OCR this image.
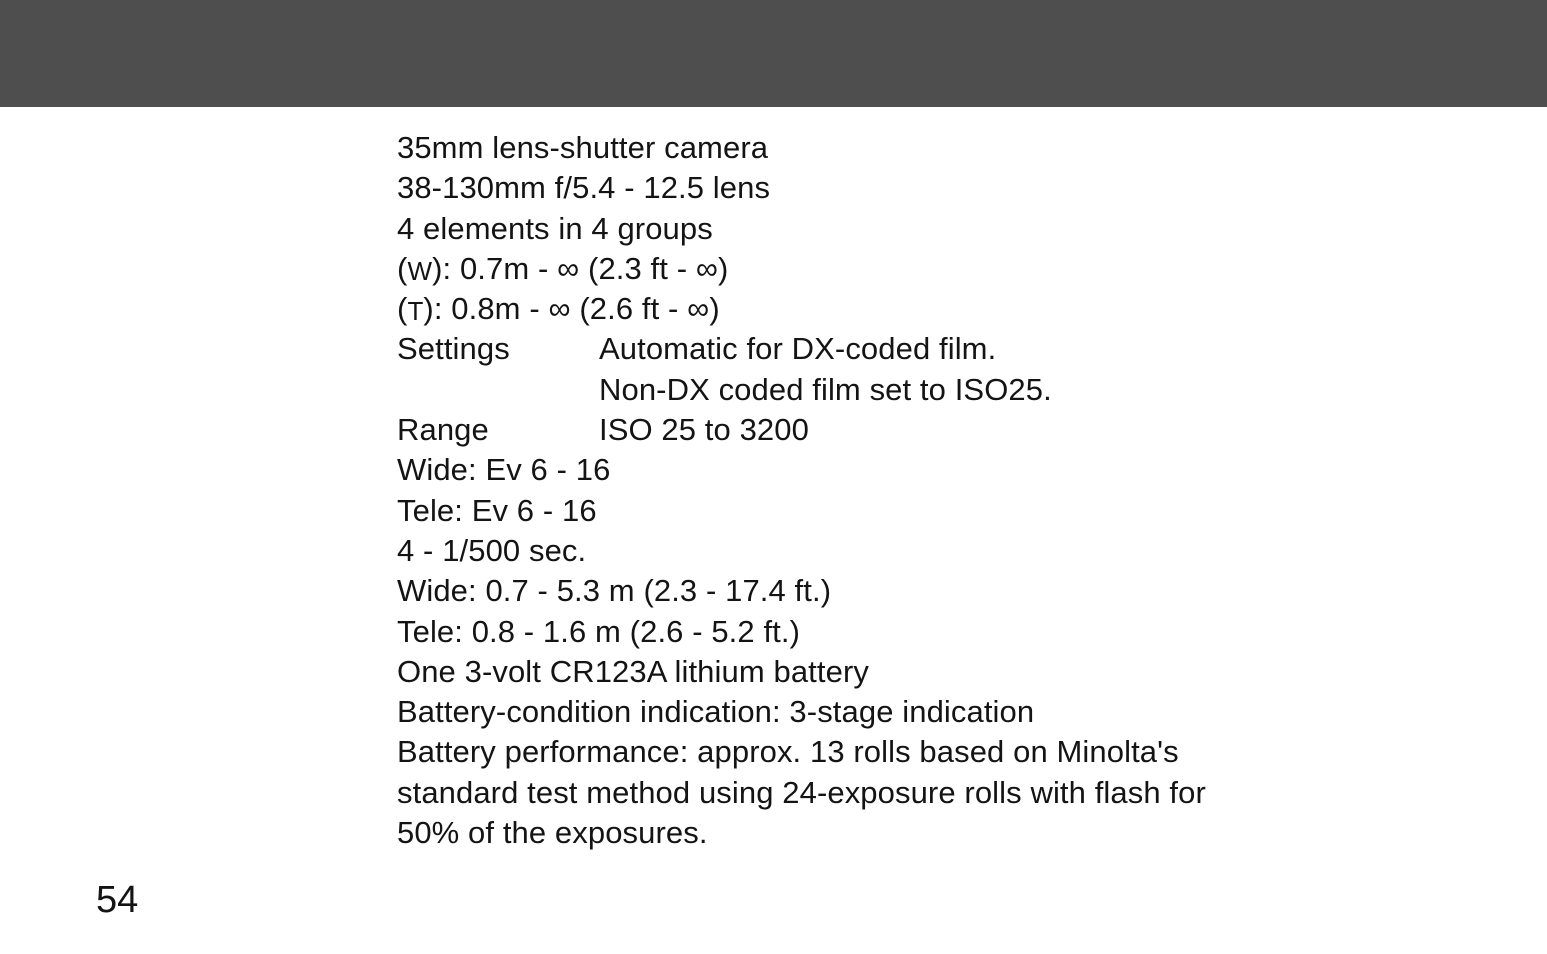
35mm lens-shutter camera
38-130mm f/5.4 - 12.5 lens
4 elements in 4 groups
(W): 0.7m - ∞ (2.3 ft - ∞)
(T): 0.8m - ∞ (2.6 ft - ∞)
Settings	Automatic for DX-coded film.
Non-DX coded film set to ISO25.
Range	ISO 25 to 3200
Wide: Ev 6 - 16
Tele: Ev 6 - 16
4 - 1/500 sec.
Wide: 0.7 - 5.3 m (2.3 - 17.4 ft.)
Tele: 0.8 - 1.6 m (2.6 - 5.2 ft.)
One 3-volt CR123A lithium battery
Battery-condition indication: 3-stage indication
Battery performance: approx. 13 rolls based on Minolta's
standard test method using 24-exposure rolls with flash for
50% of the exposures.
54
